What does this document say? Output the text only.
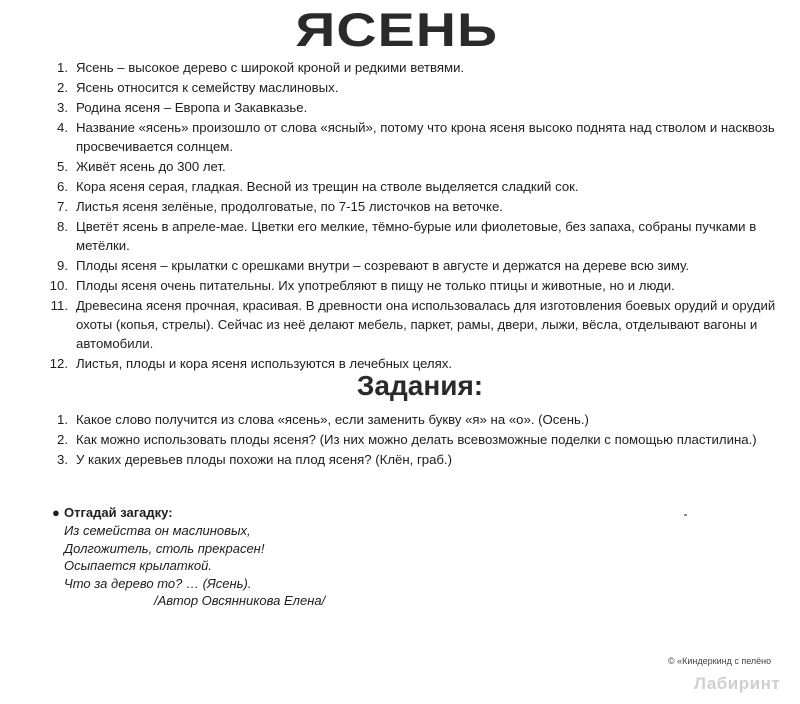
ЯСЕНЬ
1. Ясень – высокое дерево с широкой кроной и редкими ветвями.
2. Ясень относится к семейству маслиновых.
3. Родина ясеня – Европа и Закавказье.
4. Название «ясень» произошло от слова «ясный», потому что крона ясеня высоко поднята над стволом и насквозь просвечивается солнцем.
5. Живёт ясень до 300 лет.
6. Кора ясеня серая, гладкая. Весной из трещин на стволе выделяется сладкий сок.
7. Листья ясеня зелёные, продолговатые, по 7-15 листочков на веточке.
8. Цветёт ясень в апреле-мае. Цветки его мелкие, тёмно-бурые или фиолетовые, без запаха, собраны пучками в метёлки.
9. Плоды ясеня – крылатки с орешками внутри – созревают в августе и держатся на дереве всю зиму.
10. Плоды ясеня очень питательны. Их употребляют в пищу не только птицы и животные, но и люди.
11. Древесина ясеня прочная, красивая. В древности она использовалась для изготовления боевых орудий и орудий охоты (копья, стрелы). Сейчас из неё делают мебель, паркет, рамы, двери, лыжи, вёсла, отделывают вагоны и автомобили.
12. Листья, плоды и кора ясеня используются в лечебных целях.
Задания:
1. Какое слово получится из слова «ясень», если заменить букву «я» на «о». (Осень.)
2. Как можно использовать плоды ясеня? (Из них можно делать всевозможные поделки с помощью пластилина.)
3. У каких деревьев плоды похожи на плод ясеня? (Клён, граб.)
● Отгадай загадку:
Из семейства он маслиновых,
Долгожитель, столь прекрасен!
Осыпается крылаткой.
Что за дерево то? … (Ясень).
/Автор Овсянникова Елена/
© «Киндеркинд с пелёно
Лабиринт
